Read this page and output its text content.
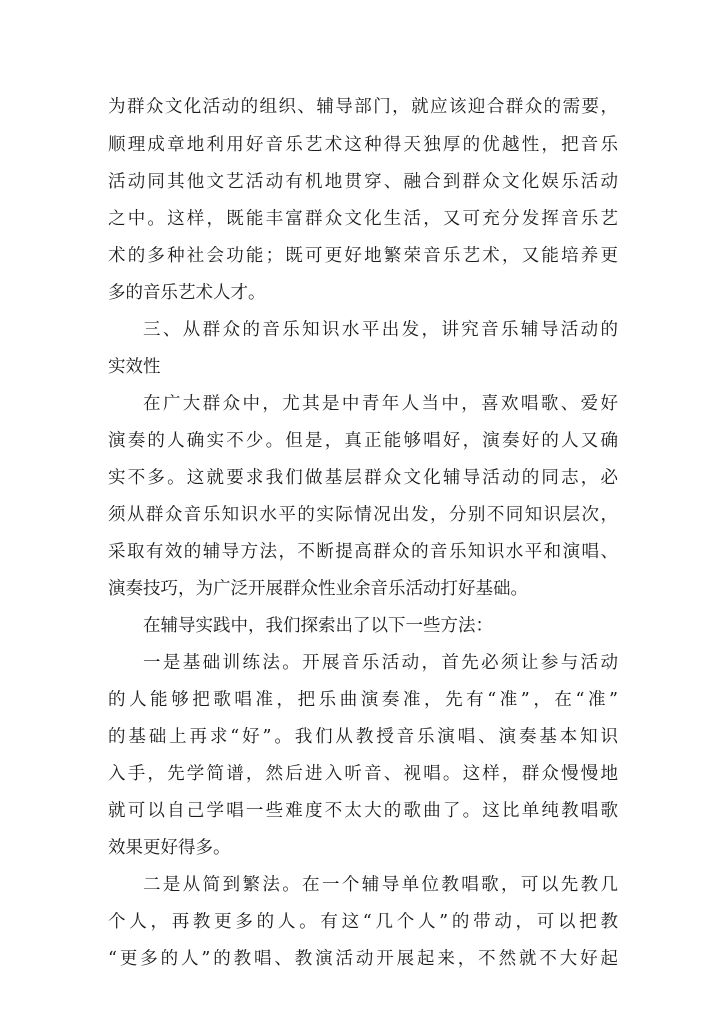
为群众文化活动的组织、辅导部门，就应该迎合群众的需要，
顺理成章地利用好音乐艺术这种得天独厚的优越性，把音乐
活动同其他文艺活动有机地贯穿、融合到群众文化娱乐活动
之中。这样，既能丰富群众文化生活，又可充分发挥音乐艺
术的多种社会功能；既可更好地繁荣音乐艺术，又能培养更
多的音乐艺术人才。
三、从群众的音乐知识水平出发，讲究音乐辅导活动的
实效性
在广大群众中，尤其是中青年人当中，喜欢唱歌、爱好
演奏的人确实不少。但是，真正能够唱好，演奏好的人又确
实不多。这就要求我们做基层群众文化辅导活动的同志，必
须从群众音乐知识水平的实际情况出发，分别不同知识层次，
采取有效的辅导方法，不断提高群众的音乐知识水平和演唱、
演奏技巧，为广泛开展群众性业余音乐活动打好基础。
在辅导实践中，我们探索出了以下一些方法：
一是基础训练法。开展音乐活动，首先必须让参与活动
的人能够把歌唱准，把乐曲演奏准，先有“准”，在“准”
的基础上再求“好”。我们从教授音乐演唱、演奏基本知识
入手，先学简谱，然后进入听音、视唱。这样，群众慢慢地
就可以自己学唱一些难度不太大的歌曲了。这比单纯教唱歌
效果更好得多。
二是从简到繁法。在一个辅导单位教唱歌，可以先教几
个人，再教更多的人。有这“几个人”的带动，可以把教
“更多的人”的教唱、教演活动开展起来，不然就不大好起
